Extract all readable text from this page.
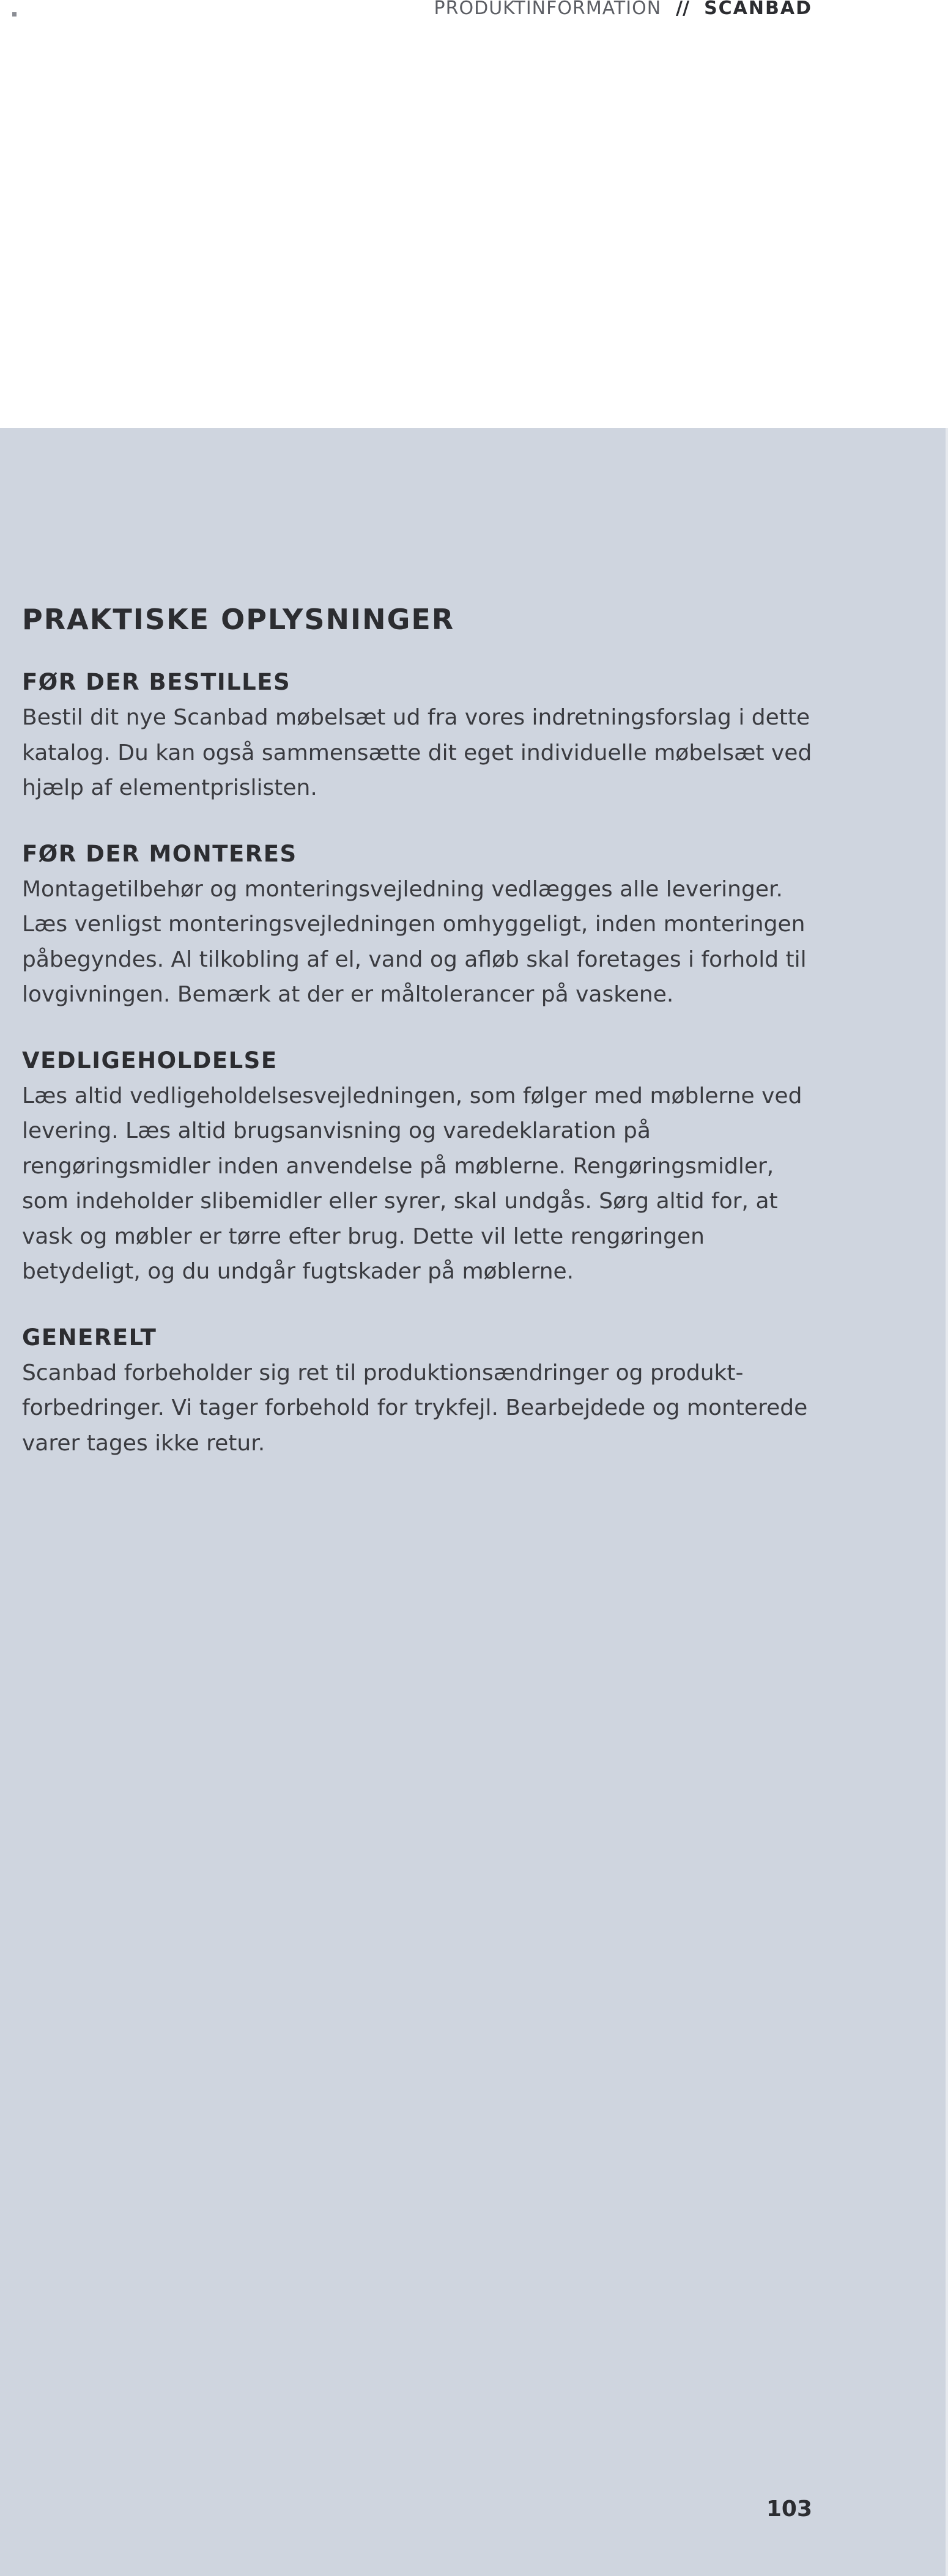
PRODUKTINFORMATION // SCANBAD
PRAKTISKE OPLYSNINGER
FØR DER BESTILLES

Bestil dit nye Scanbad møbelsæt ud fra vores indretningsforslag i dette katalog. Du kan også sammensætte dit eget individuelle møbelsæt ved hjælp af elementprislisten.

FØR DER MONTERES

Montagetilbehør og monteringsvejledning vedlægges alle leveringer. Læs venligst monteringsvejledningen omhyggeligt, inden monteringen påbegyndes. Al tilkobling af el, vand og afløb skal foretages i forhold til lovgivningen. Bemærk at der er måltolerancer på vaskene.

VEDLIGEHOLDELSE

Læs altid vedligeholdelsesvejledningen, som følger med møblerne ved levering. Læs altid brugsanvisning og varedeklaration på rengøringsmidler inden anvendelse på møblerne. Rengøringsmidler, som indeholder slibemidler eller syrer, skal undgås. Sørg altid for, at vask og møbler er tørre efter brug. Dette vil lette rengøringen betydeligt, og du undgår fugtskader på møblerne.

GENERELT

Scanbad forbeholder sig ret til produktionsændringer og produkt-forbedringer. Vi tager forbehold for trykfejl. Bearbejdede og monterede varer tages ikke retur.

103
